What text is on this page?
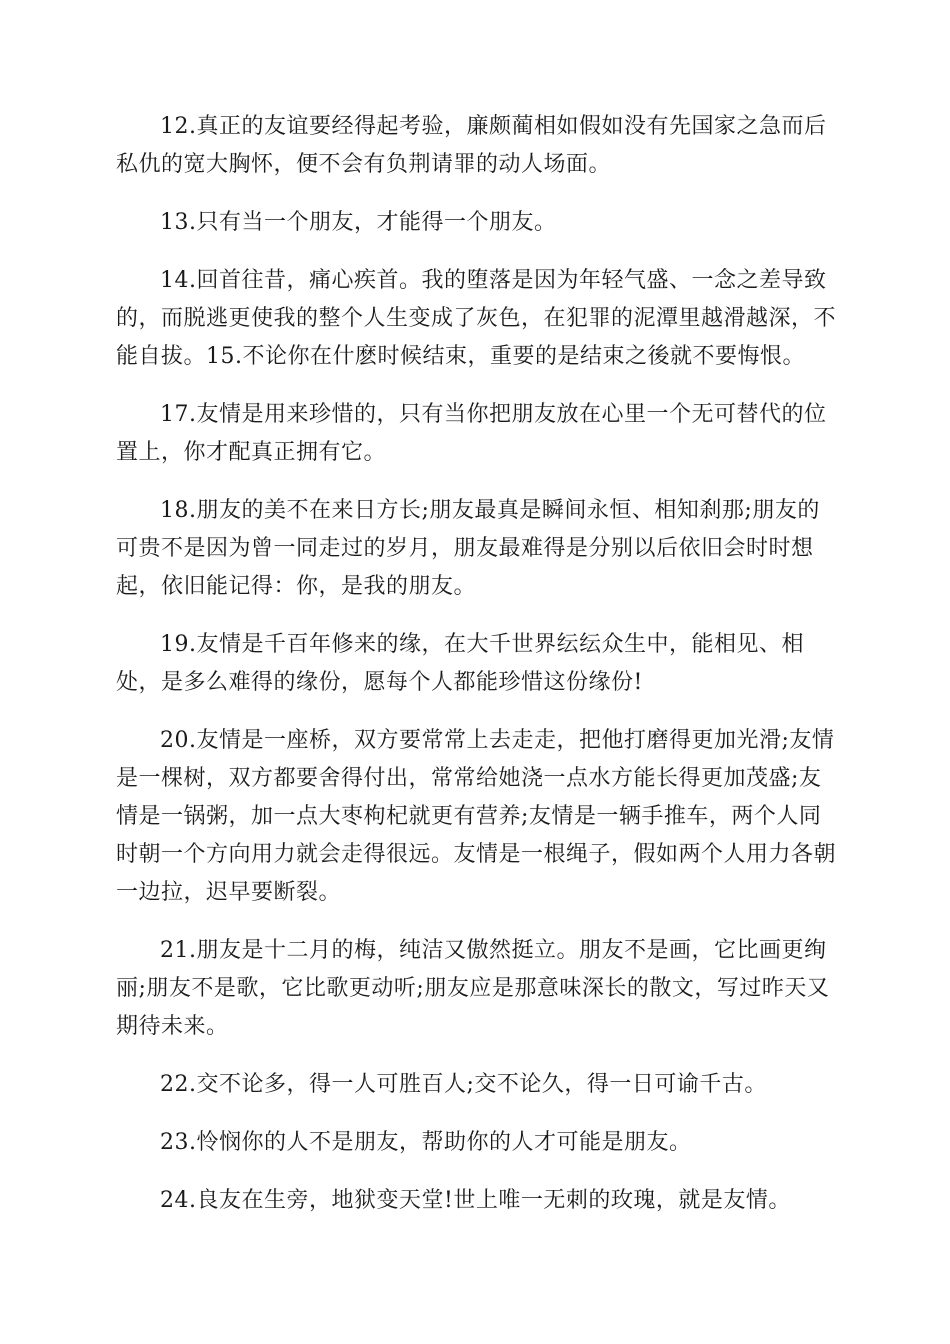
12.真正的友谊要经得起考验，廉颇蔺相如假如没有先国家之急而后私仇的宽大胸怀，便不会有负荆请罪的动人场面。

13.只有当一个朋友，才能得一个朋友。

14.回首往昔，痛心疾首。我的堕落是因为年轻气盛、一念之差导致的，而脱逃更使我的整个人生变成了灰色，在犯罪的泥潭里越滑越深，不能自拔。15.不论你在什麽时候结束，重要的是结束之後就不要悔恨。

17.友情是用来珍惜的，只有当你把朋友放在心里一个无可替代的位置上，你才配真正拥有它。

18.朋友的美不在来日方长;朋友最真是瞬间永恒、相知刹那;朋友的可贵不是因为曾一同走过的岁月，朋友最难得是分别以后依旧会时时想起，依旧能记得：你，是我的朋友。

19.友情是千百年修来的缘，在大千世界纭纭众生中，能相见、相处，是多么难得的缘份，愿每个人都能珍惜这份缘份!

20.友情是一座桥，双方要常常上去走走，把他打磨得更加光滑;友情是一棵树，双方都要舍得付出，常常给她浇一点水方能长得更加茂盛;友情是一锅粥，加一点大枣枸杞就更有营养;友情是一辆手推车，两个人同时朝一个方向用力就会走得很远。友情是一根绳子，假如两个人用力各朝一边拉，迟早要断裂。

21.朋友是十二月的梅，纯洁又傲然挺立。朋友不是画，它比画更绚丽;朋友不是歌，它比歌更动听;朋友应是那意味深长的散文，写过昨天又期待未来。

22.交不论多，得一人可胜百人;交不论久，得一日可谕千古。

23.怜悯你的人不是朋友，帮助你的人才可能是朋友。

24.良友在生旁，地狱变天堂!世上唯一无刺的玫瑰，就是友情。
